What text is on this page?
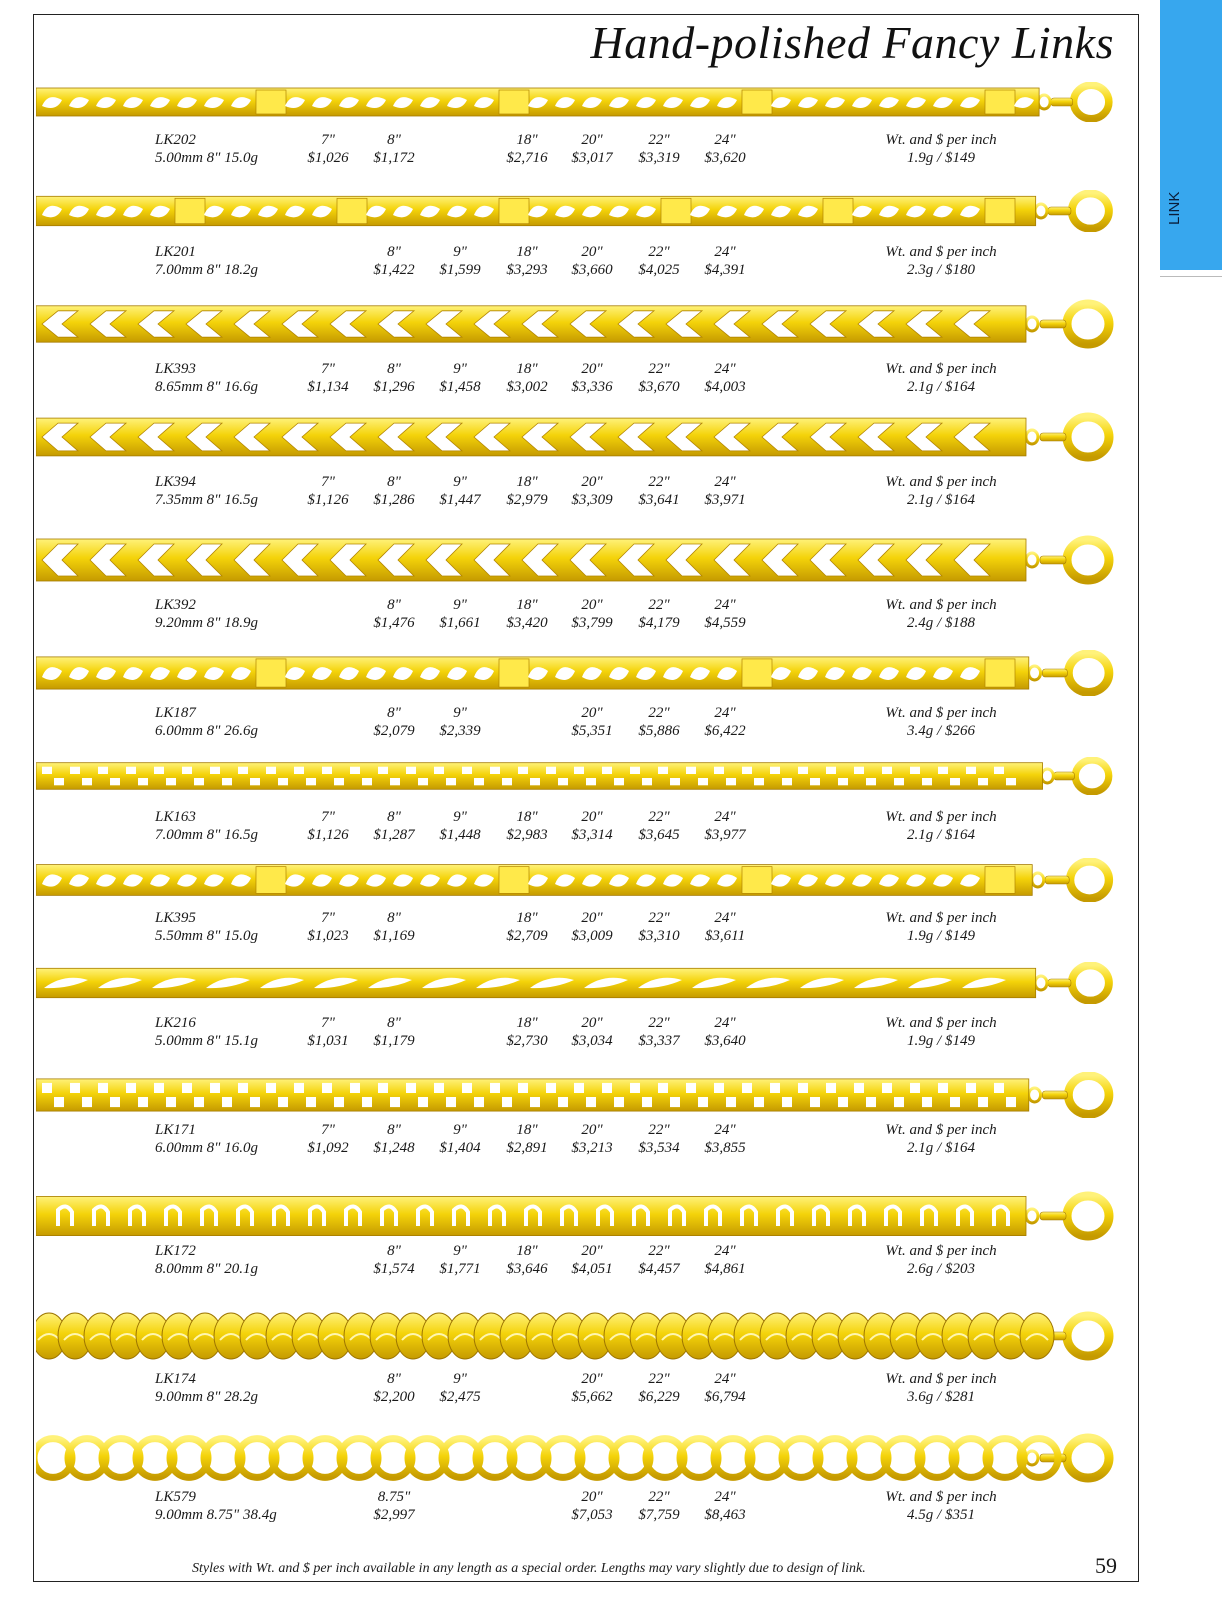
Hand-polished Fancy Links
LINK
LK202
5.00mm 8" 15.0g
7"
$1,026
8"
$1,172
18"
$2,716
20"
$3,017
22"
$3,319
24"
$3,620
Wt. and $ per inch
1.9g / $149
LK201
7.00mm 8" 18.2g
8"
$1,422
9"
$1,599
18"
$3,293
20"
$3,660
22"
$4,025
24"
$4,391
Wt. and $ per inch
2.3g / $180
LK393
8.65mm 8" 16.6g
7"
$1,134
8"
$1,296
9"
$1,458
18"
$3,002
20"
$3,336
22"
$3,670
24"
$4,003
Wt. and $ per inch
2.1g / $164
LK394
7.35mm 8" 16.5g
7"
$1,126
8"
$1,286
9"
$1,447
18"
$2,979
20"
$3,309
22"
$3,641
24"
$3,971
Wt. and $ per inch
2.1g / $164
LK392
9.20mm 8" 18.9g
8"
$1,476
9"
$1,661
18"
$3,420
20"
$3,799
22"
$4,179
24"
$4,559
Wt. and $ per inch
2.4g / $188
LK187
6.00mm 8" 26.6g
8"
$2,079
9"
$2,339
20"
$5,351
22"
$5,886
24"
$6,422
Wt. and $ per inch
3.4g / $266
LK163
7.00mm 8" 16.5g
7"
$1,126
8"
$1,287
9"
$1,448
18"
$2,983
20"
$3,314
22"
$3,645
24"
$3,977
Wt. and $ per inch
2.1g / $164
LK395
5.50mm 8" 15.0g
7"
$1,023
8"
$1,169
18"
$2,709
20"
$3,009
22"
$3,310
24"
$3,611
Wt. and $ per inch
1.9g / $149
LK216
5.00mm 8" 15.1g
7"
$1,031
8"
$1,179
18"
$2,730
20"
$3,034
22"
$3,337
24"
$3,640
Wt. and $ per inch
1.9g / $149
LK171
6.00mm 8" 16.0g
7"
$1,092
8"
$1,248
9"
$1,404
18"
$2,891
20"
$3,213
22"
$3,534
24"
$3,855
Wt. and $ per inch
2.1g / $164
LK172
8.00mm 8" 20.1g
8"
$1,574
9"
$1,771
18"
$3,646
20"
$4,051
22"
$4,457
24"
$4,861
Wt. and $ per inch
2.6g / $203
LK174
9.00mm 8" 28.2g
8"
$2,200
9"
$2,475
20"
$5,662
22"
$6,229
24"
$6,794
Wt. and $ per inch
3.6g / $281
LK579
9.00mm 8.75" 38.4g
8.75"
$2,997
20"
$7,053
22"
$7,759
24"
$8,463
Wt. and $ per inch
4.5g / $351
Styles with Wt. and $ per inch available in any length as a special order. Lengths may vary slightly due to design of link.	59
